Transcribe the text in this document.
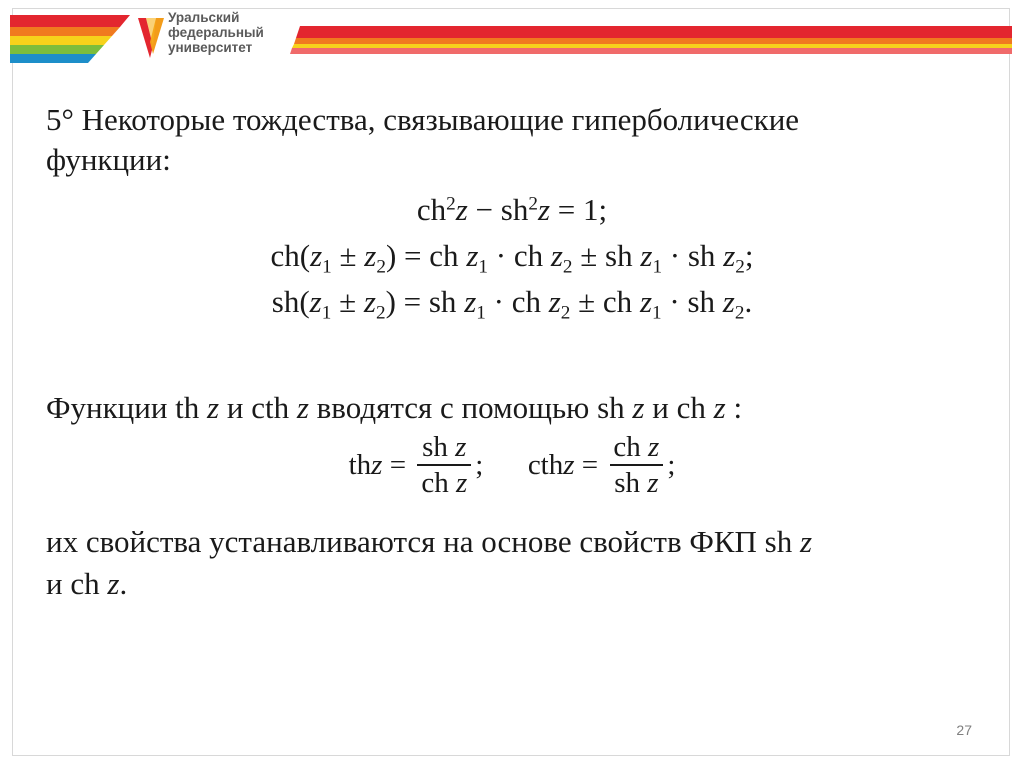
Уральский
федеральный
университет
5° Некоторые тождества, связывающие гиперболические
функции:
$ch^2z - sh^2z = 1$;
$ch(z_1 \pm z_2)$ = ch $z_1$ · ch $z_2$ ± sh $z_1$ · sh $z_2$;
$sh(z_1 \pm z_2)$ = sh $z_1$ · ch $z_2$ ± ch $z_1$ · sh $z_2$.
Функции th z и cth z вводятся с помощью sh z и ch z :
th $z = \frac{\text{sh z}}{\text{ch z}}$ ;
cth $z = \frac{\text{ch z}}{\text{sh z}}$ ;
их свойства устанавливаются на основе свойств ФКП sh z
и ch z.
27
